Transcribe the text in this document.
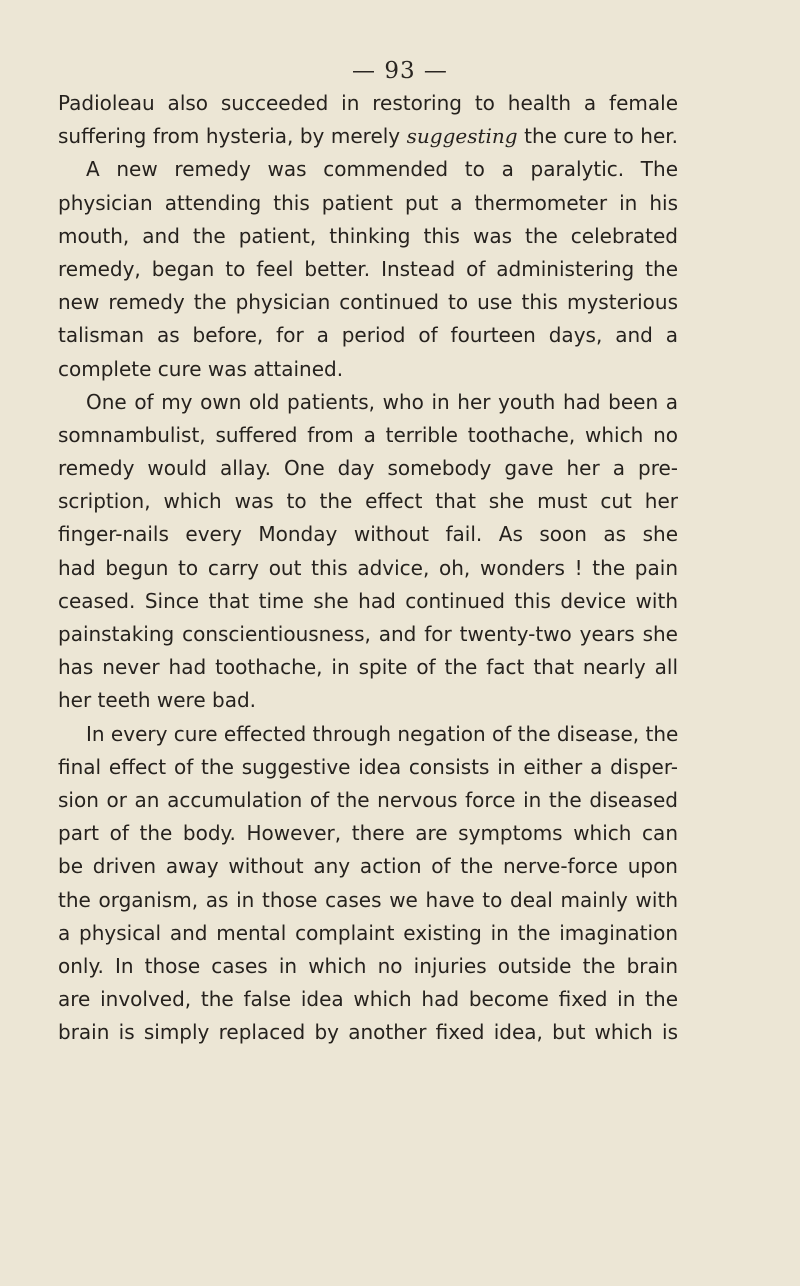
— 93 —
Padioleau also succeeded in restoring to health a female
suffering from hysteria, by merely suggesting the cure to her.
A new remedy was commended to a paralytic. The
physician attending this patient put a thermometer in his
mouth, and the patient, thinking this was the celebrated
remedy, began to feel better. Instead of administering the
new remedy the physician continued to use this mysterious
talisman as before, for a period of fourteen days, and a
complete cure was attained.
One of my own old patients, who in her youth had been a
somnambulist, suffered from a terrible toothache, which no
remedy would allay. One day somebody gave her a pre-
scription, which was to the effect that she must cut her
finger-nails every Monday without fail. As soon as she
had begun to carry out this advice, oh, wonders ! the pain
ceased. Since that time she had continued this device with
painstaking conscientiousness, and for twenty-two years she
has never had toothache, in spite of the fact that nearly all
her teeth were bad.
In every cure effected through negation of the disease, the
final effect of the suggestive idea consists in either a disper-
sion or an accumulation of the nervous force in the diseased
part of the body. However, there are symptoms which can
be driven away without any action of the nerve-force upon
the organism, as in those cases we have to deal mainly with
a physical and mental complaint existing in the imagination
only. In those cases in which no injuries outside the brain
are involved, the false idea which had become fixed in the
brain is simply replaced by another fixed idea, but which is
